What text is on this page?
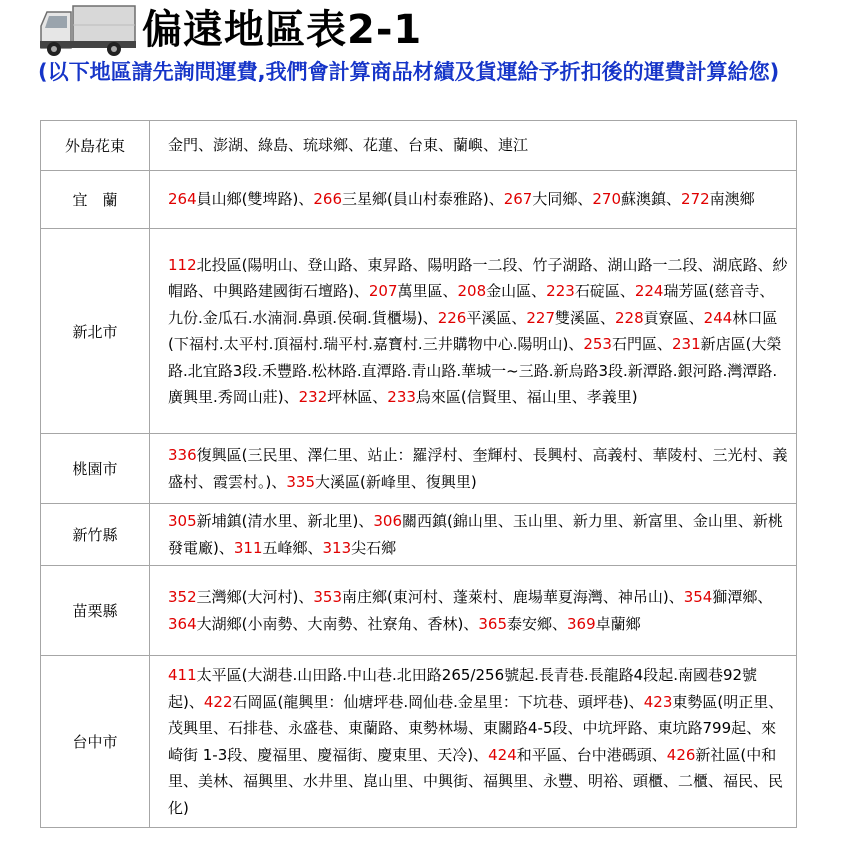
偏遠地區表2-1
(以下地區請先詢問運費,我們會計算商品材績及貨運給予折扣後的運費計算給您)
外島花東	金門、澎湖、綠島、琉球鄉、花蓮、台東、蘭嶼、連江
宜　蘭	264員山鄉(雙埤路)、266三星鄉(員山村泰雅路)、267大同鄉、270蘇澳鎮、272南澳鄉
新北市	112北投區(陽明山、登山路、東昇路、陽明路一二段、竹子湖路、湖山路一二段、湖底路、紗帽路、中興路建國街石壇路)、207萬里區、208金山區、223石碇區、224瑞芳區(慈音寺、九份.金瓜石.水湳洞.鼻頭.侯硐.貨櫃場)、226平溪區、227雙溪區、228貢寮區、244林口區(下福村.太平村.頂福村.瑞平村.嘉寶村.三井購物中心.陽明山)、253石門區、231新店區(大榮路.北宜路3段.禾豐路.松林路.直潭路.青山路.華城一~三路.新烏路3段.新潭路.銀河路.灣潭路.廣興里.秀岡山莊)、232坪林區、233烏來區(信賢里、福山里、孝義里)
桃園市	336復興區(三民里、澤仁里、站止：羅浮村、奎輝村、長興村、高義村、華陵村、三光村、義盛村、霞雲村。)、335大溪區(新峰里、復興里)
新竹縣	305新埔鎮(清水里、新北里)、306關西鎮(錦山里、玉山里、新力里、新富里、金山里、新桃發電廠)、311五峰鄉、313尖石鄉
苗栗縣	352三灣鄉(大河村)、353南庄鄉(東河村、蓬萊村、鹿場華夏海灣、神吊山)、354獅潭鄉、364大湖鄉(小南勢、大南勢、社寮角、香林)、365泰安鄉、369卓蘭鄉
台中市	411太平區(大湖巷.山田路.中山巷.北田路265/256號起.長青巷.長龍路4段起.南國巷92號起)、422石岡區(龍興里：仙塘坪巷.岡仙巷.金星里：下坑巷、頭坪巷)、423東勢區(明正里、茂興里、石排巷、永盛巷、東蘭路、東勢林場、東關路4-5段、中坑坪路、東坑路799起、來崎街 1-3段、慶福里、慶福街、慶東里、天冷)、424和平區、台中港碼頭、426新社區(中和里、美林、福興里、水井里、崑山里、中興街、福興里、永豐、明裕、頭櫃、二櫃、福民、民化)
